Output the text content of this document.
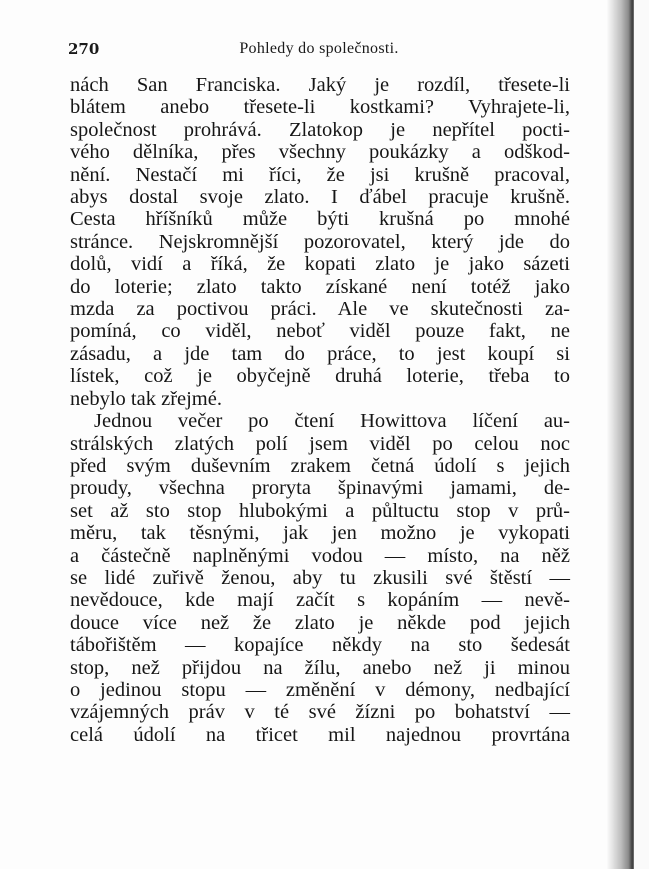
270	Pohledy do společnosti.
nách San Franciska. Jaký je rozdíl, třesete-li
blátem anebo třesete-li kostkami? Vyhrajete-li,
společnost prohrává. Zlatokop je nepřítel pocti-
vého dělníka, přes všechny poukázky a odškod-
nění. Nestačí mi říci, že jsi krušně pracoval,
abys dostal svoje zlato. I ďábel pracuje krušně.
Cesta hříšníků může býti krušná po mnohé
stránce. Nejskromnější pozorovatel, který jde do
dolů, vidí a říká, že kopati zlato je jako sázeti
do loterie; zlato takto získané není totéž jako
mzda za poctivou práci. Ale ve skutečnosti za-
pomíná, co viděl, neboť viděl pouze fakt, ne
zásadu, a jde tam do práce, to jest koupí si
lístek, což je obyčejně druhá loterie, třeba to
nebylo tak zřejmé.
Jednou večer po čtení Howittova líčení au-
strálských zlatých polí jsem viděl po celou noc
před svým duševním zrakem četná údolí s jejich
proudy, všechna proryta špinavými jamami, de-
set až sto stop hlubokými a půltuctu stop v prů-
měru, tak těsnými, jak jen možno je vykopati
a částečně naplněnými vodou — místo, na něž
se lidé zuřivě ženou, aby tu zkusili své štěstí —
nevědouce, kde mají začít s kopáním — nevě-
douce více než že zlato je někde pod jejich
tábořištěm — kopajíce někdy na sto šedesát
stop, než přijdou na žílu, anebo než ji minou
o jedinou stopu — změnění v démony, nedbající
vzájemných práv v té své žízni po bohatství —
celá údolí na třicet mil najednou provrtána
